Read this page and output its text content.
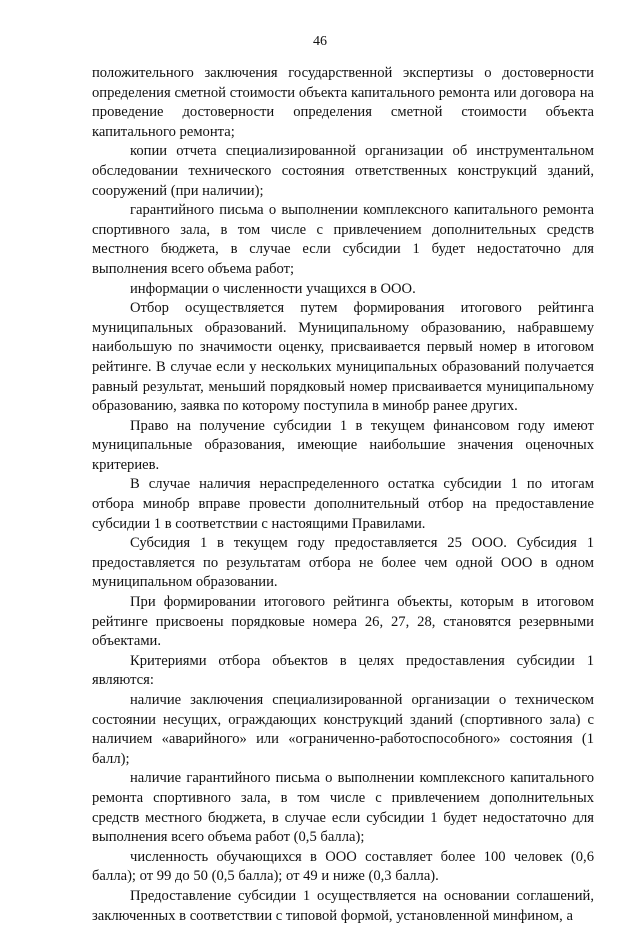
46

положительного заключения государственной экспертизы о достоверности определения сметной стоимости объекта капитального ремонта или договора на проведение достоверности определения сметной стоимости объекта капитального ремонта;

копии отчета специализированной организации об инструментальном обследовании технического состояния ответственных конструкций зданий, сооружений (при наличии);

гарантийного письма о выполнении комплексного капитального ремонта спортивного зала, в том числе с привлечением дополнительных средств местного бюджета, в случае если субсидии 1 будет недостаточно для выполнения всего объема работ;

информации о численности учащихся в ООО.

Отбор осуществляется путем формирования итогового рейтинга муниципальных образований. Муниципальному образованию, набравшему наибольшую по значимости оценку, присваивается первый номер в итоговом рейтинге. В случае если у нескольких муниципальных образований получается равный результат, меньший порядковый номер присваивается муниципальному образованию, заявка по которому поступила в минобр ранее других.

Право на получение субсидии 1 в текущем финансовом году имеют муниципальные образования, имеющие наибольшие значения оценочных критериев.

В случае наличия нераспределенного остатка субсидии 1 по итогам отбора минобр вправе провести дополнительный отбор на предоставление субсидии 1 в соответствии с настоящими Правилами.

Субсидия 1 в текущем году предоставляется 25 ООО. Субсидия 1 предоставляется по результатам отбора не более чем одной ООО в одном муниципальном образовании.

При формировании итогового рейтинга объекты, которым в итоговом рейтинге присвоены порядковые номера 26, 27, 28, становятся резервными объектами.

Критериями отбора объектов в целях предоставления субсидии 1 являются:

наличие заключения специализированной организации о техническом состоянии несущих, ограждающих конструкций зданий (спортивного зала) с наличием «аварийного» или «ограниченно-работоспособного» состояния (1 балл);

наличие гарантийного письма о выполнении комплексного капитального ремонта спортивного зала, в том числе с привлечением дополнительных средств местного бюджета, в случае если субсидии 1 будет недостаточно для выполнения всего объема работ (0,5 балла);

численность обучающихся в ООО составляет более 100 человек (0,6 балла); от 99 до 50 (0,5 балла); от 49 и ниже (0,3 балла).

Предоставление субсидии 1 осуществляется на основании соглашений, заключенных в соответствии с типовой формой, установленной минфином, а
